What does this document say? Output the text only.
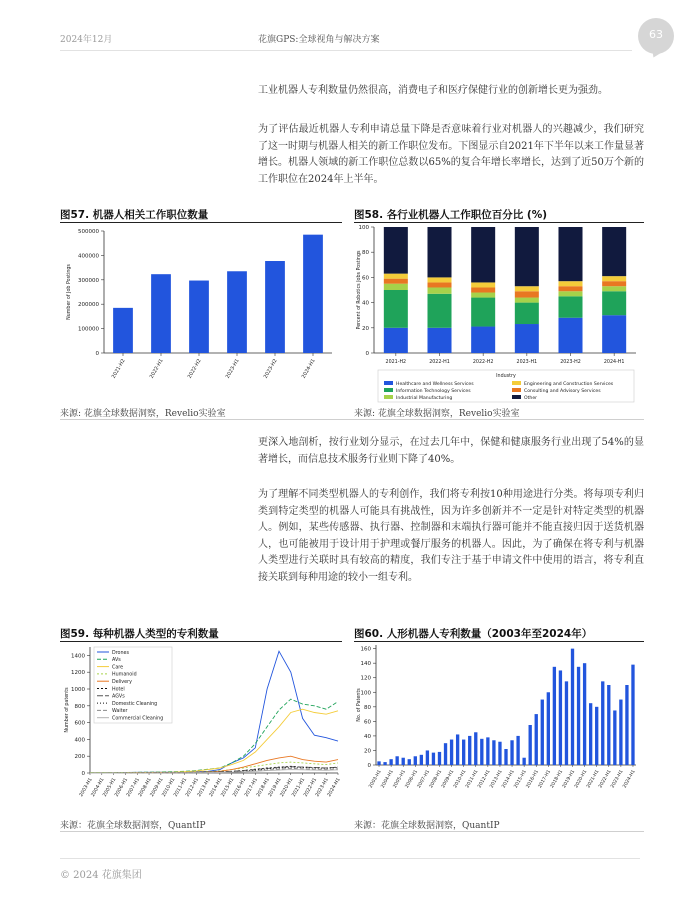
2024年12月	花旗GPS:全球视角与解决方案	63
工业机器人专利数量仍然很高，消费电子和医疗保健行业的创新增长更为强劲。
为了评估最近机器人专利申请总量下降是否意味着行业对机器人的兴趣减少，我们研究了这一时期与机器人相关的新工作职位发布。下图显示自2021年下半年以来工作量显著增长。机器人领域的新工作职位总数以65%的复合年增长率增长，达到了近50万个新的工作职位在2024年上半年。
图57. 机器人相关工作职位数量
0
100000
200000
300000
400000
500000
Number of Job Postings
2021-H2	2022-H1	2022-H2	2023-H1	2023-H2	2024-H1
来源: 花旗全球数据洞察，Revelio实验室
图58. 各行业机器人工作职位百分比 (%)
0
20
40
60
80
100
Percent of Robotics Jobs Postings
2021-H2	2022-H1	2022-H2	2023-H1	2023-H2	2024-H1
Industry
Healthcare and Wellness Services	Engineering and Construction Services
Information Technology Services	Consulting and Advisory Services
Industrial Manufacturing	Other
来源: 花旗全球数据洞察，Revelio实验室
更深入地剖析，按行业划分显示，在过去几年中，保健和健康服务行业出现了54%的显著增长，而信息技术服务行业则下降了40%。
为了理解不同类型机器人的专利创作，我们将专利按10种用途进行分类。将每项专利归类到特定类型的机器人可能具有挑战性，因为许多创新并不一定是针对特定类型的机器人。例如，某些传感器、执行器、控制器和末端执行器可能并不能直接归因于送货机器人，也可能被用于设计用于护理或餐厅服务的机器人。因此，为了确保在将专利与机器人类型进行关联时具有较高的精度，我们专注于基于申请文件中使用的语言，将专利直接关联到每种用途的较小一组专利。
图59. 每种机器人类型的专利数量
0
200
400
600
800
1000
1200
1400
Number of patents
2003-H1
2004-H1
2005-H1
2006-H1
2007-H1
2008-H1
2009-H1
2010-H1
2011-H1
2012-H1
2013-H1
2014-H1
2015-H1
2016-H1
2017-H1
2018-H1
2019-H1
2020-H1
2021-H1
2022-H1
2023-H1
2024-H1
Drones
AVs
Care
Humanoid
Delivery
Hotel
AGVs
Domestic Cleaning
Waiter
Commercial Cleaning
来源：花旗全球数据洞察，QuantIP
图60. 人形机器人专利数量（2003年至2024年）
0
20
40
60
80
100
120
140
160
No. of Patents
2003-H1
2004-H1
2005-H1
2006-H1
2007-H1
2008-H1
2009-H1
2010-H1
2011-H1
2012-H1
2013-H1
2014-H1
2015-H1
2016-H1
2017-H1
2018-H1
2019-H1
2020-H1
2021-H1
2022-H1
2023-H1
2024-H1
来源：花旗全球数据洞察，QuantIP
© 2024 花旗集团
